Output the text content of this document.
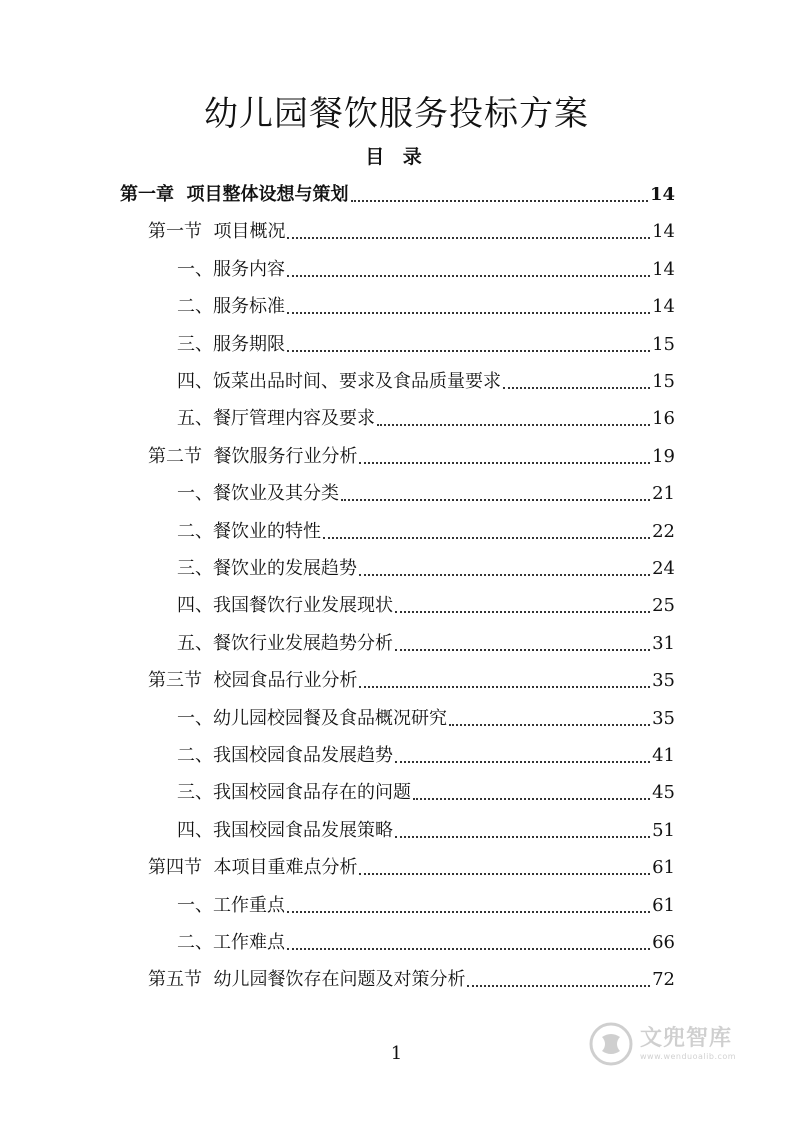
幼儿园餐饮服务投标方案
目 录
第一章  项目整体设想与策划	14
第一节  项目概况	14
一、服务内容	14
二、服务标准	14
三、服务期限	15
四、饭菜出品时间、要求及食品质量要求	15
五、餐厅管理内容及要求	16
第二节  餐饮服务行业分析	19
一、餐饮业及其分类	21
二、餐饮业的特性	22
三、餐饮业的发展趋势	24
四、我国餐饮行业发展现状	25
五、餐饮行业发展趋势分析	31
第三节  校园食品行业分析	35
一、幼儿园校园餐及食品概况研究	35
二、我国校园食品发展趋势	41
三、我国校园食品存在的问题	45
四、我国校园食品发展策略	51
第四节  本项目重难点分析	61
一、工作重点	61
二、工作难点	66
第五节  幼儿园餐饮存在问题及对策分析	72
1
文兜智库
www.wenduoalib.com
